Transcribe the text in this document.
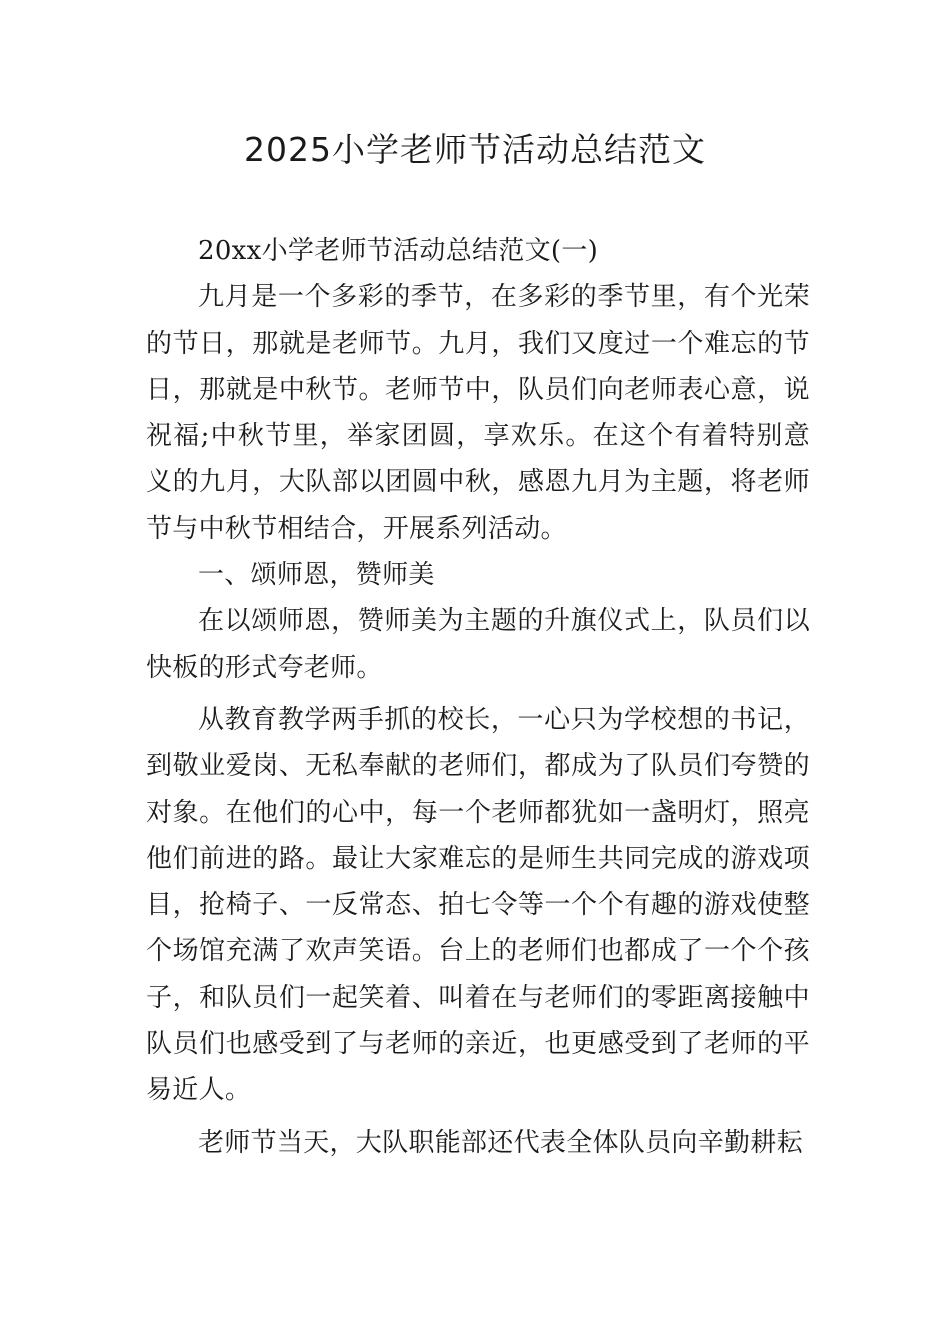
2025小学老师节活动总结范文

20xx小学老师节活动总结范文(一)

九月是一个多彩的季节，在多彩的季节里，有个光荣的节日，那就是老师节。九月，我们又度过一个难忘的节日，那就是中秋节。老师节中，队员们向老师表心意，说祝福;中秋节里，举家团圆，享欢乐。在这个有着特别意义的九月，大队部以团圆中秋，感恩九月为主题，将老师节与中秋节相结合，开展系列活动。

一、颂师恩，赞师美

在以颂师恩，赞师美为主题的升旗仪式上，队员们以快板的形式夸老师。

从教育教学两手抓的校长，一心只为学校想的书记，到敬业爱岗、无私奉献的老师们，都成为了队员们夸赞的对象。在他们的心中，每一个老师都犹如一盏明灯，照亮他们前进的路。最让大家难忘的是师生共同完成的游戏项目，抢椅子、一反常态、拍七令等一个个有趣的游戏使整个场馆充满了欢声笑语。台上的老师们也都成了一个个孩子，和队员们一起笑着、叫着在与老师们的零距离接触中队员们也感受到了与老师的亲近，也更感受到了老师的平易近人。

老师节当天，大队职能部还代表全体队员向辛勤耕耘
